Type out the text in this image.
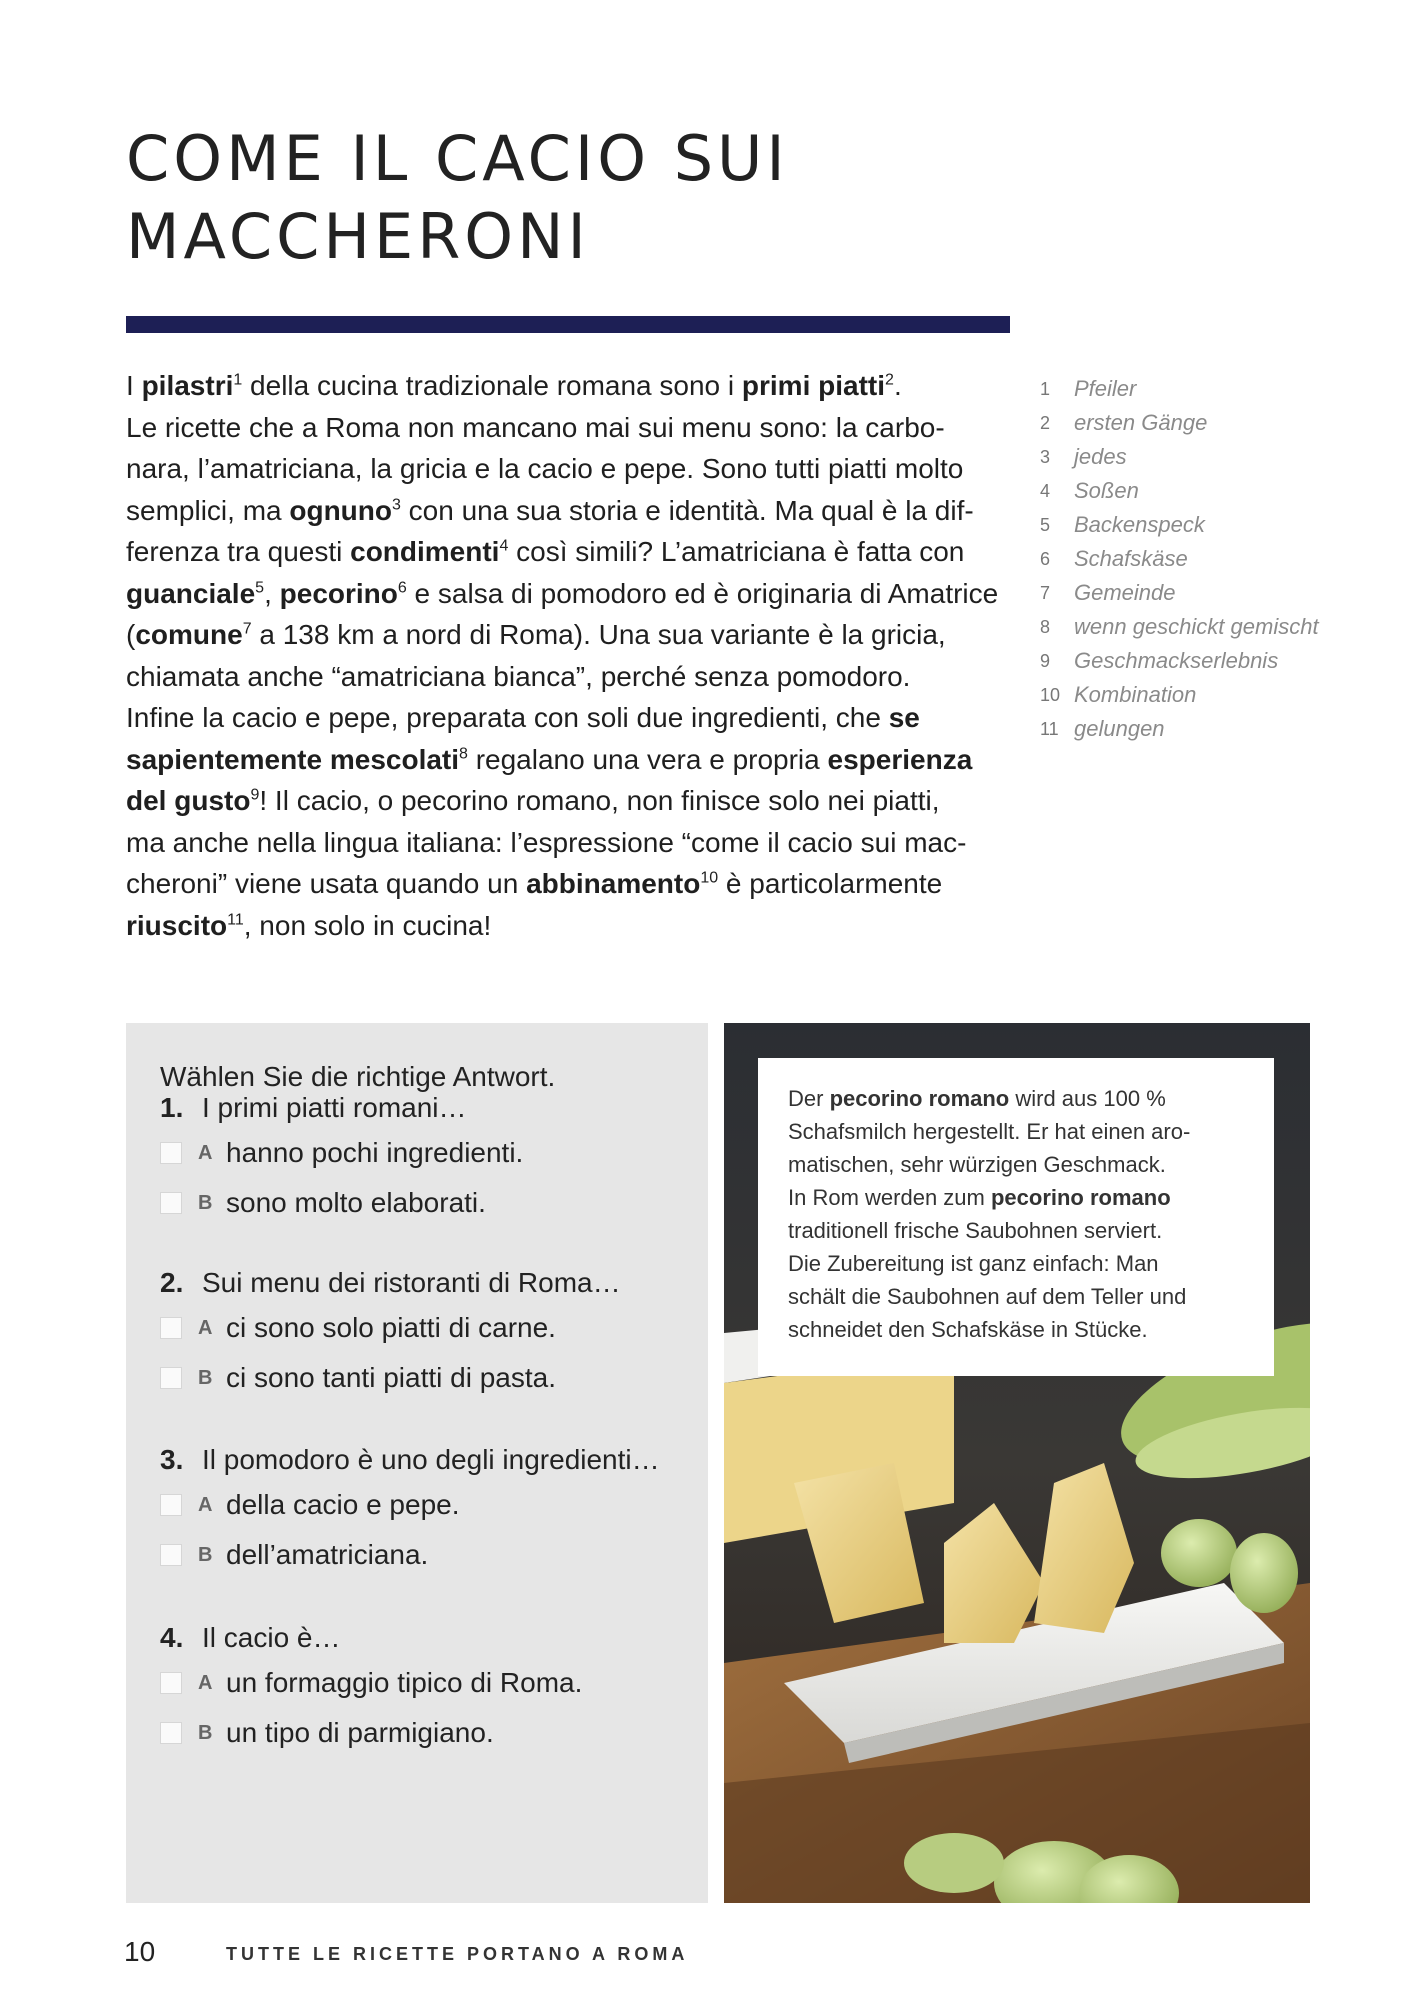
COME IL CACIO SUI
MACCHERONI

I pilastri$^1$ della cucina tradizionale romana sono i primi piatti$^2$.
Le ricette che a Roma non mancano mai sui menu sono: la carbo-
nara, l’amatriciana, la gricia e la cacio e pepe. Sono tutti piatti molto
semplici, ma ognuno$^3$ con una sua storia e identità. Ma qual è la dif-
ferenza tra questi condimenti$^4$ così simili? L’amatriciana è fatta con
guanciale$^5$, pecorino$^6$ e salsa di pomodoro ed è originaria di Amatrice
(comune$^7$ a 138 km a nord di Roma). Una sua variante è la gricia,
chiamata anche “amatriciana bianca”, perché senza pomodoro.
Infine la cacio e pepe, preparata con soli due ingredienti, che se
sapientemente mescolati$^8$ regalano una vera e propria esperienza
del gusto$^9$! Il cacio, o pecorino romano, non finisce solo nei piatti,
ma anche nella lingua italiana: l’espressione “come il cacio sui mac-
cheroni” viene usata quando un abbinamento$^{10}$ è particolarmente
riuscito$^{11}$, non solo in cucina!

1	Pfeiler
2	ersten Gänge
3	jedes
4	Soßen
5	Backenspeck
6	Schafskäse
7	Gemeinde
8	wenn geschickt gemischt
9	Geschmackserlebnis
10 Kombination
11 gelungen
Wählen Sie die richtige Antwort.
1. I primi piatti romani…
A hanno pochi ingredienti.
B sono molto elaborati.
2. Sui menu dei ristoranti di Roma…
A ci sono solo piatti di carne.
B ci sono tanti piatti di pasta.
3. Il pomodoro è uno degli ingredienti…
A della cacio e pepe.
B dell’amatriciana.
4. Il cacio è…
A un formaggio tipico di Roma.
B un tipo di parmigiano.

Der pecorino romano wird aus 100 %
Schafsmilch hergestellt. Er hat einen aro-
matischen, sehr würzigen Geschmack.
In Rom werden zum pecorino romano
traditionell frische Saubohnen serviert.
Die Zubereitung ist ganz einfach: Man
schält die Saubohnen auf dem Teller und
schneidet den Schafskäse in Stücke.

10	TUTTE LE RICETTE PORTANO A ROMA
